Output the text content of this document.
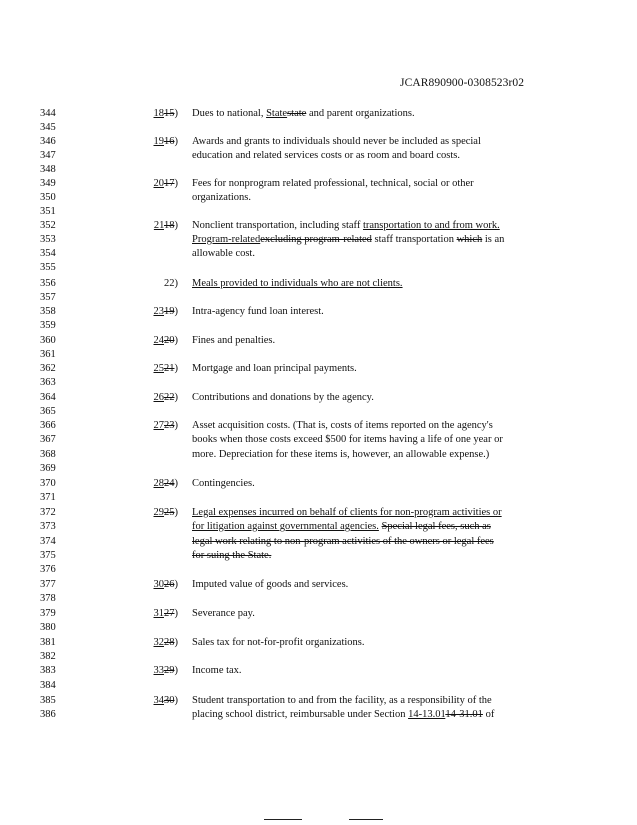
JCAR890900-0308523r02
344	1815) Dues to national, Statestate and parent organizations.
345
346	1916) Awards and grants to individuals should never be included as special
347	education and related services costs or as room and board costs.
348
349	2017) Fees for nonprogram related professional, technical, social or other
350	organizations.
351
352	2118) Nonclient transportation, including staff transportation to and from work.
353	Program-relatedexcluding program-related staff transportation which is an
354	allowable cost.
355
356	22) Meals provided to individuals who are not clients.
357
358	2319) Intra-agency fund loan interest.
359
360	2420) Fines and penalties.
361
362	2521) Mortgage and loan principal payments.
363
364	2622) Contributions and donations by the agency.
365
366	2723) Asset acquisition costs. (That is, costs of items reported on the agency's
367	books when those costs exceed $500 for items having a life of one year or
368	more. Depreciation for these items is, however, an allowable expense.)
369
370	2824) Contingencies.
371
372	2925) Legal expenses incurred on behalf of clients for non-program activities or
373	for litigation against governmental agencies. Special legal fees, such as
374	legal work relating to non-program activities of the owners or legal fees
375	for suing the State.
376
377	3026) Imputed value of goods and services.
378
379	3127) Severance pay.
380
381	3228) Sales tax for not-for-profit organizations.
382
383	3329) Income tax.
384
385	3430) Student transportation to and from the facility, as a responsibility of the
386	placing school district, reimbursable under Section 14-13.0114-31.01 of
